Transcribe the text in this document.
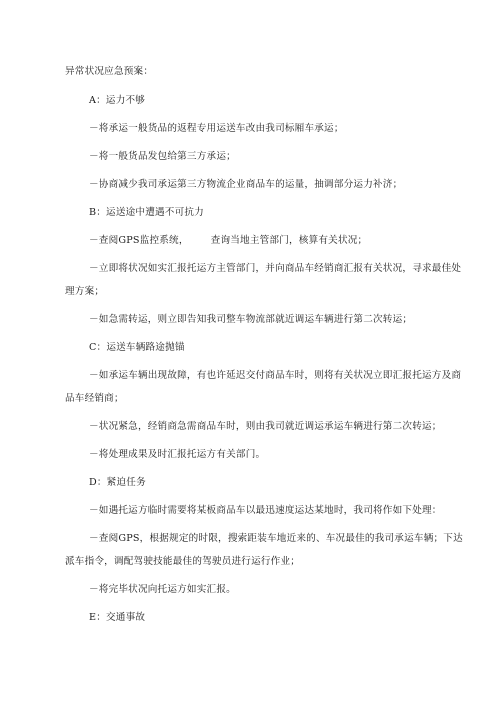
异常状况应急预案：
A：运力不够
－将承运一般货品的返程专用运送车改由我司标厢车承运；
－将一般货品发包给第三方承运；
－协商减少我司承运第三方物流企业商品车的运量，抽调部分运力补济；
B：运送途中遭遇不可抗力
－查阅GPS监控系统， 查询当地主管部门，核算有关状况；
－立即将状况如实汇报托运方主管部门，并向商品车经销商汇报有关状况，寻求最佳处
理方案；
－如急需转运，则立即告知我司整车物流部就近调运车辆进行第二次转运；
C：运送车辆路途抛锚
－如承运车辆出现故障，有也许延迟交付商品车时，则将有关状况立即汇报托运方及商
品车经销商；
－状况紧急，经销商急需商品车时，则由我司就近调运承运车辆进行第二次转运；
－将处理成果及时汇报托运方有关部门。
D：紧迫任务
－如遇托运方临时需要将某板商品车以最迅速度运达某地时，我司将作如下处理：
－查阅GPS，根据规定的时限，搜索距装车地近来的、车况最佳的我司承运车辆；下达
派车指令，调配驾驶技能最佳的驾驶员进行运行作业；
－将完毕状况向托运方如实汇报。
E：交通事故
